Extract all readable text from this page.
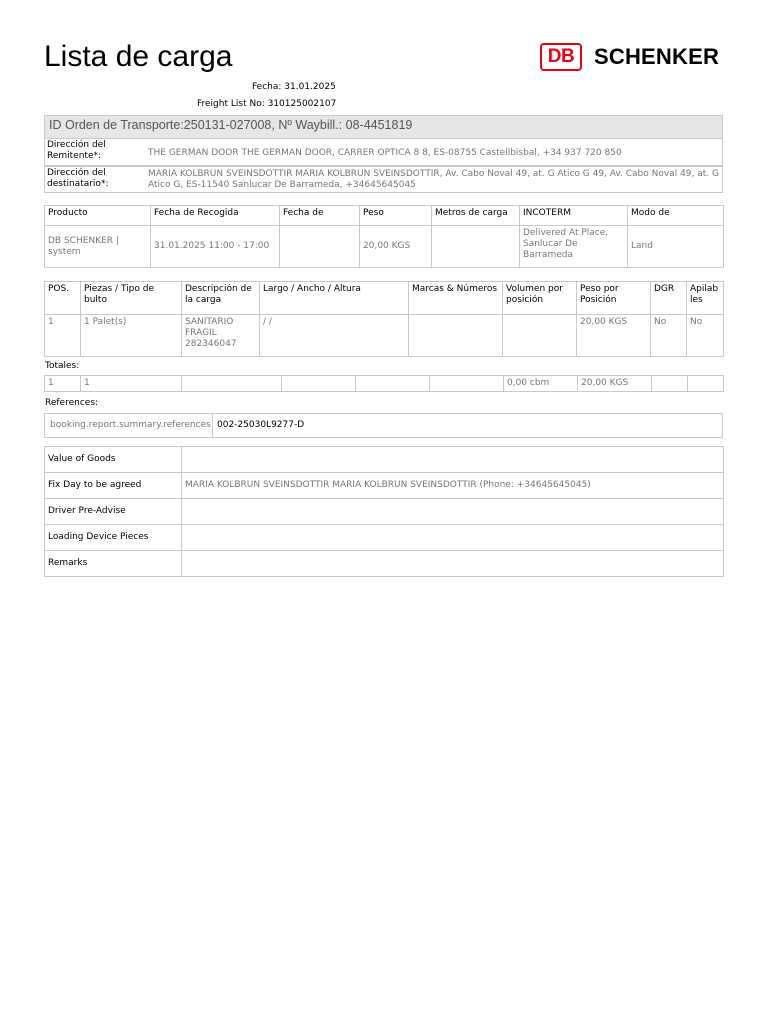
Lista de carga	DB SCHENKER
Fecha: 31.01.2025
Freight List No: 310125002107
ID Orden de Transporte:250131-027008, Nº Waybill.: 08-4451819
Dirección del Remitente*:	THE GERMAN DOOR THE GERMAN DOOR, CARRER OPTICA 8 8, ES-08755 Castellbisbal, +34 937 720 850
Dirección del destinatario*:
MARIA KOLBRUN SVEINSDOTTIR MARIA KOLBRUN SVEINSDOTTIR, Av. Cabo Noval 49, at. G Atico G 49, Av. Cabo Noval 49, at. G Atico G, ES-11540 Sanlucar De Barrameda, +34645645045
Producto	Fecha de Recogida	Fecha de	Peso	Metros de carga	INCOTERM	Modo de
DB SCHENKER | system	31.01.2025 11:00 - 17:00		20,00 KGS		Delivered At Place, Sanlucar De Barrameda	Land
POS.	Piezas / Tipo de bulto	Descripción de la carga	Largo / Ancho / Altura	Marcas & Números	Volumen por posición	Peso por Posición	DGR	Apilables
1	1 Palet(s)	SANITARIO FRAGIL 282346047	/ /			20,00 KGS	No	No
Totales:
1	1					0,00 cbm	20,00 KGS		
References:
booking.report.summary.references 002-25030L9277-D
Value of Goods	
Fix Day to be agreed	MARIA KOLBRUN SVEINSDOTTIR MARIA KOLBRUN SVEINSDOTTIR (Phone: +34645645045)
Driver Pre-Advise	
Loading Device Pieces	
Remarks	
